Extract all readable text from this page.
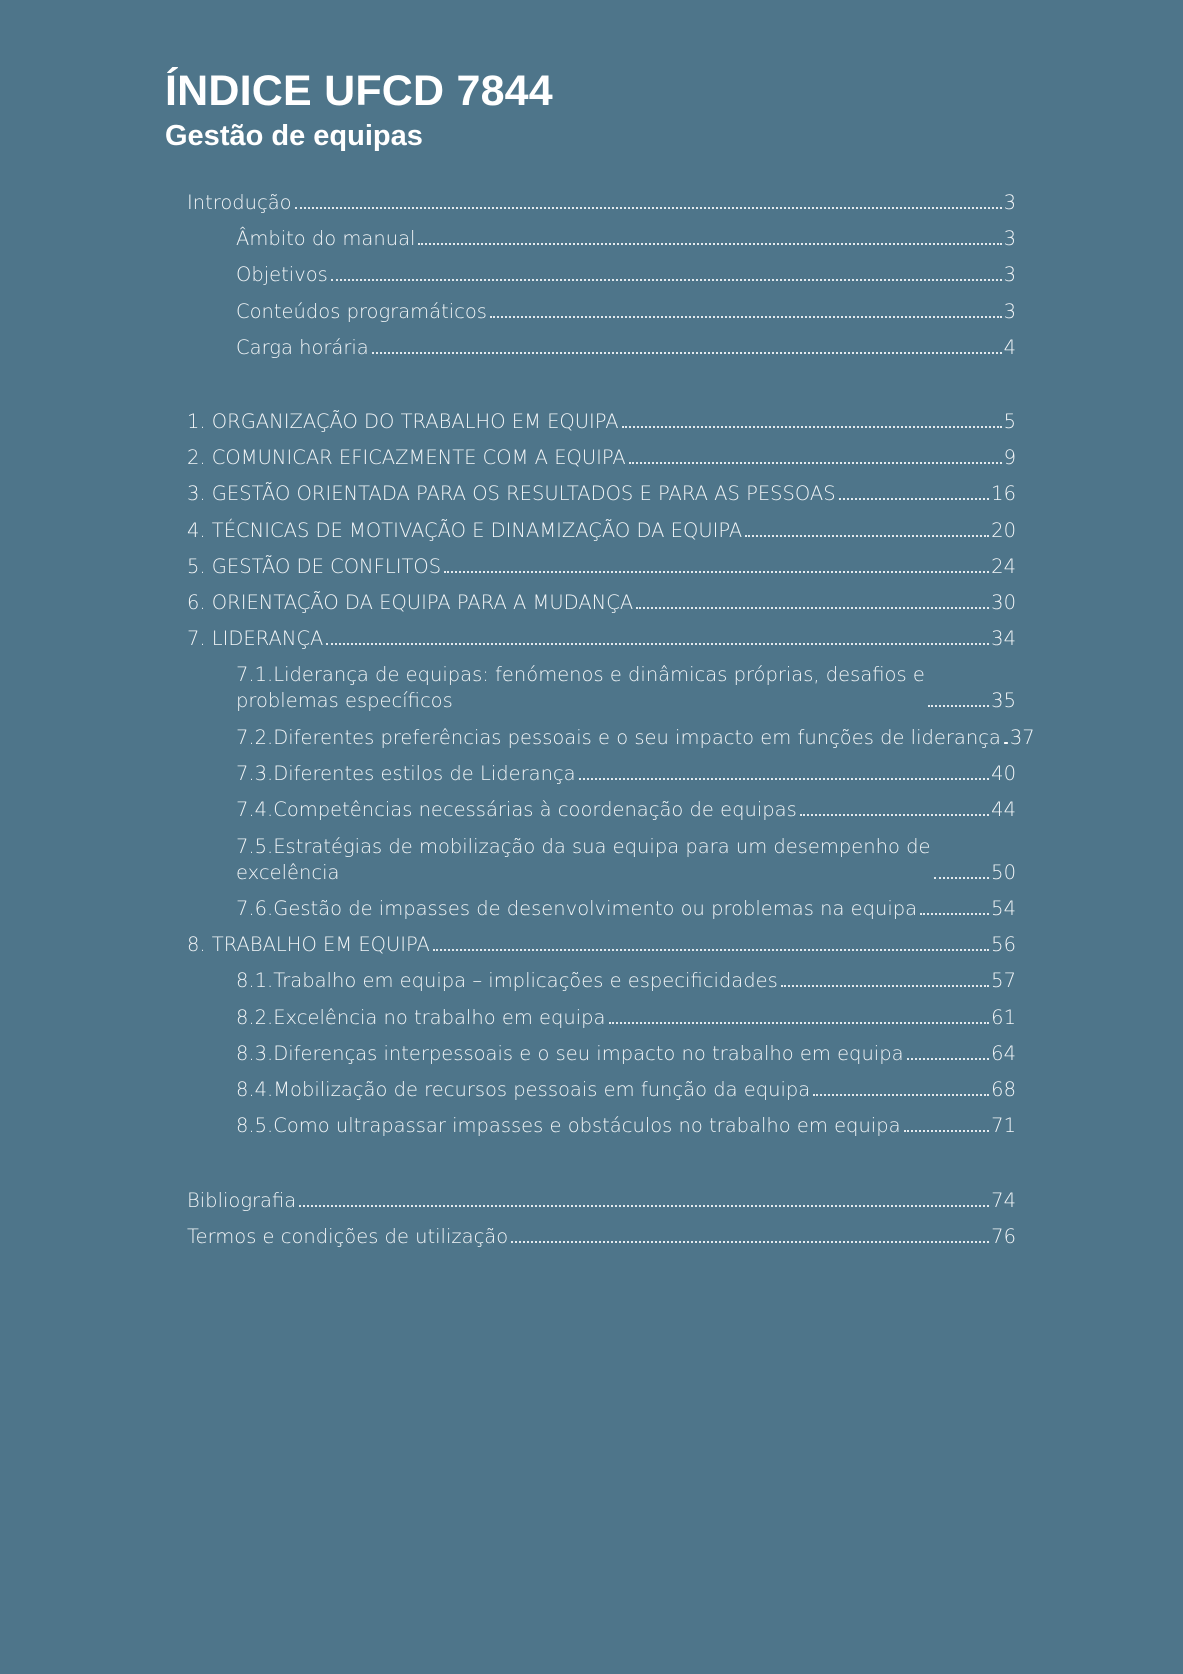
ÍNDICE UFCD 7844
Gestão de equipas
Introdução	3
Âmbito do manual	3
Objetivos	3
Conteúdos programáticos	3
Carga horária	4
1. ORGANIZAÇÃO DO TRABALHO EM EQUIPA	5
2. COMUNICAR EFICAZMENTE COM A EQUIPA	9
3. GESTÃO ORIENTADA PARA OS RESULTADOS E PARA AS PESSOAS	16
4. TÉCNICAS DE MOTIVAÇÃO E DINAMIZAÇÃO DA EQUIPA	20
5. GESTÃO DE CONFLITOS	24
6. ORIENTAÇÃO DA EQUIPA PARA A MUDANÇA	30
7. LIDERANÇA	34
7.1.Liderança de equipas: fenómenos e dinâmicas próprias, desafios e
problemas específicos	35
7.2.Diferentes preferências pessoais e o seu impacto em funções de liderança 37
7.3.Diferentes estilos de Liderança	40
7.4.Competências necessárias à coordenação de equipas	44
7.5.Estratégias de mobilização da sua equipa para um desempenho de
excelência	50
7.6.Gestão de impasses de desenvolvimento ou problemas na equipa	54
8. TRABALHO EM EQUIPA	56
8.1.Trabalho em equipa – implicações e especificidades	57
8.2.Excelência no trabalho em equipa	61
8.3.Diferenças interpessoais e o seu impacto no trabalho em equipa	64
8.4.Mobilização de recursos pessoais em função da equipa	68
8.5.Como ultrapassar impasses e obstáculos no trabalho em equipa	71
Bibliografia	74
Termos e condições de utilização	76
